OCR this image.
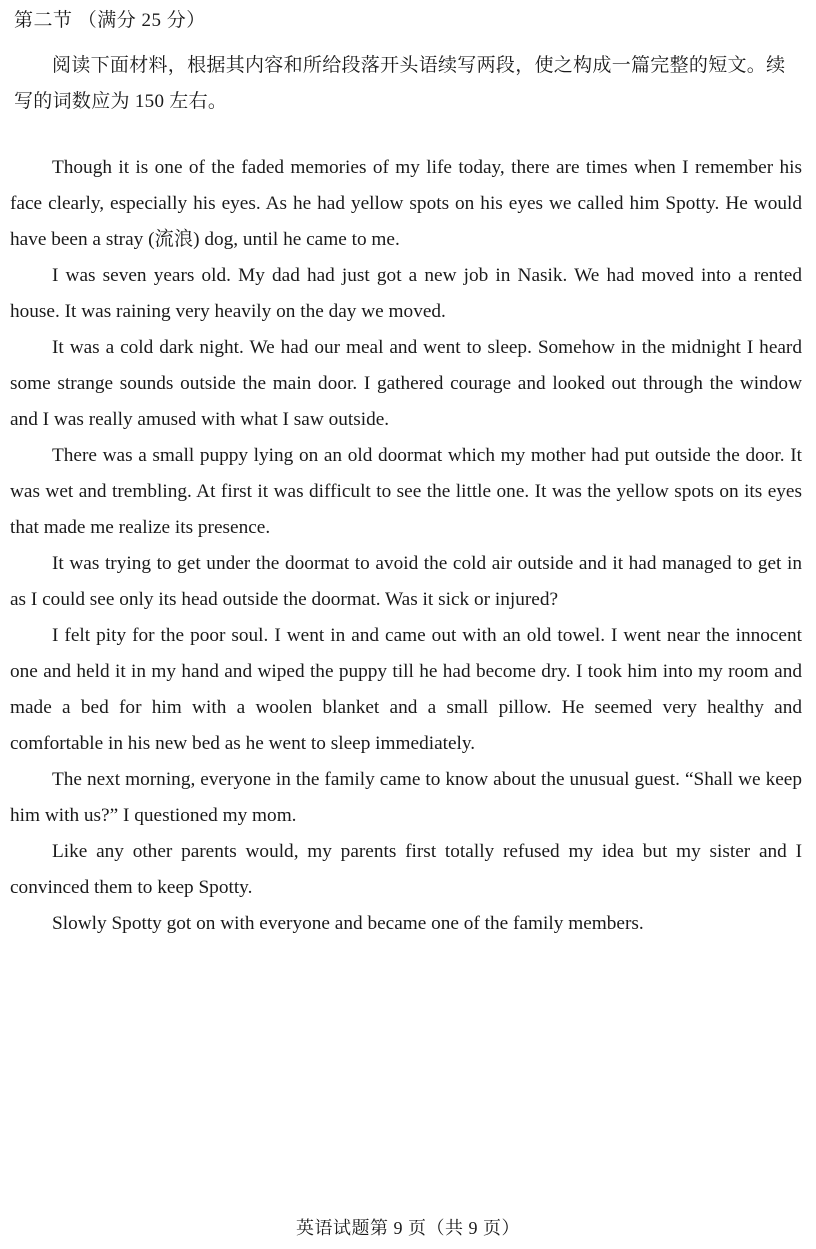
第二节 （满分 25 分）
阅读下面材料，根据其内容和所给段落开头语续写两段，使之构成一篇完整的短文。续写的词数应为 150 左右。

Though it is one of the faded memories of my life today, there are times when I remember his face clearly, especially his eyes. As he had yellow spots on his eyes we called him Spotty. He would have been a stray (流浪) dog, until he came to me.

I was seven years old. My dad had just got a new job in Nasik. We had moved into a rented house. It was raining very heavily on the day we moved.

It was a cold dark night. We had our meal and went to sleep. Somehow in the midnight I heard some strange sounds outside the main door. I gathered courage and looked out through the window and I was really amused with what I saw outside.

There was a small puppy lying on an old doormat which my mother had put outside the door. It was wet and trembling. At first it was difficult to see the little one. It was the yellow spots on its eyes that made me realize its presence.

It was trying to get under the doormat to avoid the cold air outside and it had managed to get in as I could see only its head outside the doormat. Was it sick or injured?

I felt pity for the poor soul. I went in and came out with an old towel. I went near the innocent one and held it in my hand and wiped the puppy till he had become dry. I took him into my room and made a bed for him with a woolen blanket and a small pillow. He seemed very healthy and comfortable in his new bed as he went to sleep immediately.

The next morning, everyone in the family came to know about the unusual guest. “Shall we keep him with us?” I questioned my mom.

Like any other parents would, my parents first totally refused my idea but my sister and I convinced them to keep Spotty.

Slowly Spotty got on with everyone and became one of the family members.

英语试题第 9 页（共 9 页）
